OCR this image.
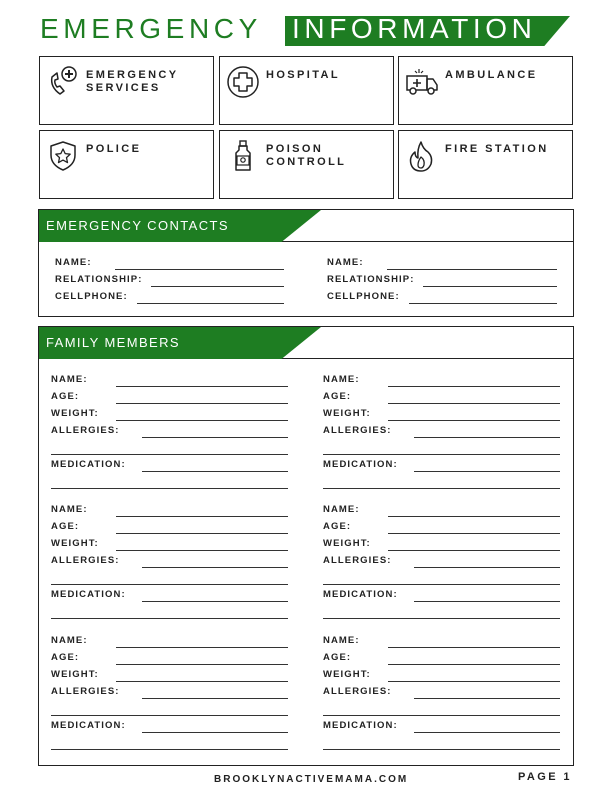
EMERGENCY INFORMATION
EMERGENCY
SERVICES
HOSPITAL	AMBULANCE
POLICE	POISON
CONTROLL
FIRE STATION
EMERGENCY CONTACTS
NAME:
RELATIONSHIP:
CELLPHONE:
NAME:
RELATIONSHIP:
CELLPHONE:
FAMILY MEMBERS
NAME:
AGE:
WEIGHT:
ALLERGIES:
MEDICATION:
NAME:
AGE:
WEIGHT:
ALLERGIES:
MEDICATION:
NAME:
AGE:
WEIGHT:
ALLERGIES:
MEDICATION:
NAME:
AGE:
WEIGHT:
ALLERGIES:
MEDICATION:
NAME:
AGE:
WEIGHT:
ALLERGIES:
MEDICATION:
NAME:
AGE:
WEIGHT:
ALLERGIES:
MEDICATION:
BROOKLYNACTIVEMAMA.COM	PAGE 1
